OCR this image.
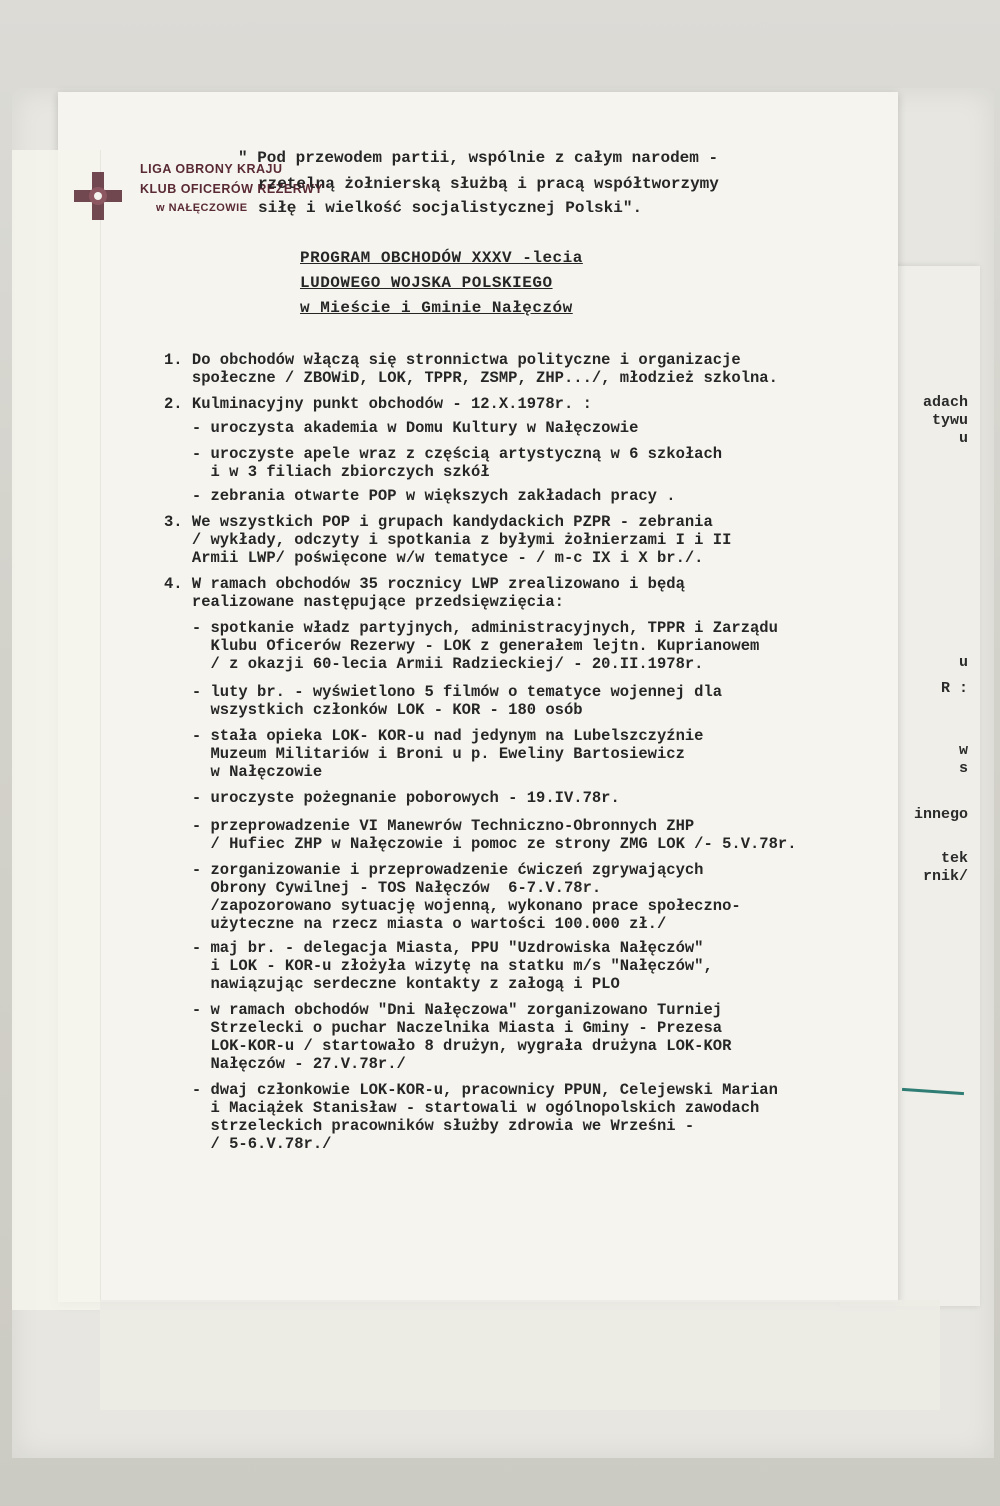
adach
tywu
u
u
R :
w
s
innego
tek
rnik/
LIGA OBRONY KRAJU
KLUB OFICERÓW REZERWY
w NAŁĘCZOWIE
" Pod przewodem partii, wspólnie z całym narodem -
rzetelną żołnierską służbą i pracą współtworzymy
siłę i wielkość socjalistycznej Polski".
PROGRAM OBCHODÓW XXXV -lecia
LUDOWEGO WOJSKA POLSKIEGO
w Mieście i Gminie Nałęczów
1. Do obchodów włączą się stronnictwa polityczne i organizacje
społeczne / ZBOWiD, LOK, TPPR, ZSMP, ZHP.../, młodzież szkolna.
2. Kulminacyjny punkt obchodów - 12.X.1978r. :
- uroczysta akademia w Domu Kultury w Nałęczowie
- uroczyste apele wraz z częścią artystyczną w 6 szkołach
i w 3 filiach zbiorczych szkół
- zebrania otwarte POP w większych zakładach pracy .
3. We wszystkich POP i grupach kandydackich PZPR - zebrania
/ wykłady, odczyty i spotkania z byłymi żołnierzami I i II
Armii LWP/ poświęcone w/w tematyce - / m-c IX i X br./.
4. W ramach obchodów 35 rocznicy LWP zrealizowano i będą
realizowane następujące przedsięwzięcia:
- spotkanie władz partyjnych, administracyjnych, TPPR i Zarządu
Klubu Oficerów Rezerwy - LOK z generałem lejtn. Kuprianowem
/ z okazji 60-lecia Armii Radzieckiej/ - 20.II.1978r.
- luty br. - wyświetlono 5 filmów o tematyce wojennej dla
wszystkich członków LOK - KOR - 180 osób
- stała opieka LOK- KOR-u nad jedynym na Lubelszczyźnie
Muzeum Militariów i Broni u p. Eweliny Bartosiewicz
w Nałęczowie
- uroczyste pożegnanie poborowych - 19.IV.78r.
- przeprowadzenie VI Manewrów Techniczno-Obronnych ZHP
/ Hufiec ZHP w Nałęczowie i pomoc ze strony ZMG LOK /- 5.V.78r.
- zorganizowanie i przeprowadzenie ćwiczeń zgrywających
Obrony Cywilnej - TOS Nałęczów  6-7.V.78r.
/zapozorowano sytuację wojenną, wykonano prace społeczno-
użyteczne na rzecz miasta o wartości 100.000 zł./
- maj br. - delegacja Miasta, PPU "Uzdrowiska Nałęczów"
i LOK - KOR-u złożyła wizytę na statku m/s "Nałęczów",
nawiązując serdeczne kontakty z załogą i PLO
- w ramach obchodów "Dni Nałęczowa" zorganizowano Turniej
Strzelecki o puchar Naczelnika Miasta i Gminy - Prezesa
LOK-KOR-u / startowało 8 drużyn, wygrała drużyna LOK-KOR
Nałęczów - 27.V.78r./
- dwaj członkowie LOK-KOR-u, pracownicy PPUN, Celejewski Marian
i Maciążek Stanisław - startowali w ogólnopolskich zawodach
strzeleckich pracowników służby zdrowia we Wrześni -
/ 5-6.V.78r./
